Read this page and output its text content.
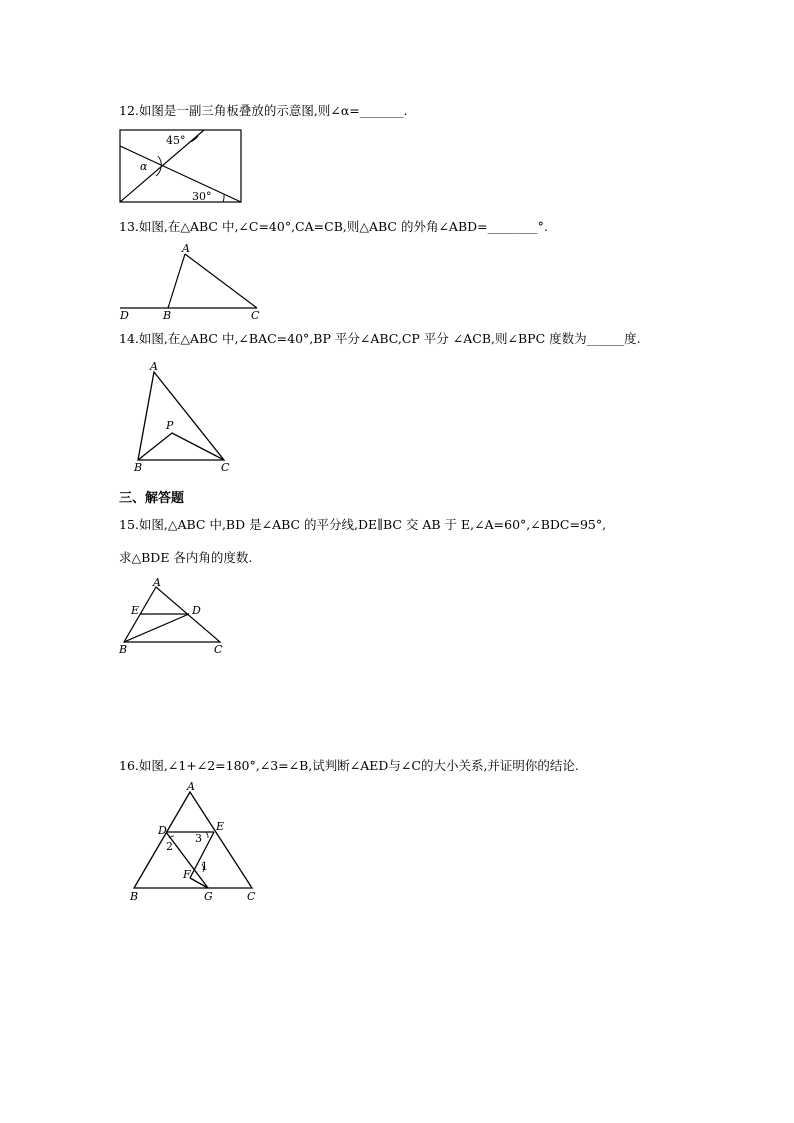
12.如图是一副三角板叠放的示意图,则∠α=_______.
45°
α
30°
13.如图,在△ABC 中,∠C=40°,CA=CB,则△ABC 的外角∠ABD=________°.
A
D	B	C
14.如图,在△ABC 中,∠BAC=40°,BP 平分∠ABC,CP 平分 ∠ACB,则∠BPC 度数为______度.
A
P
B	C
三、解答题
15.如图,△ABC 中,BD 是∠ABC 的平分线,DE∥BC 交 AB 于 E,∠A=60°,∠BDC=95°,
求△BDE 各内角的度数.
A
E	D
B	C
16.如图,∠1+∠2=180°,∠3=∠B,试判断∠AED与∠C的大小关系,并证明你的结论.
A
D	E
2
3
1
F
B	G	C
